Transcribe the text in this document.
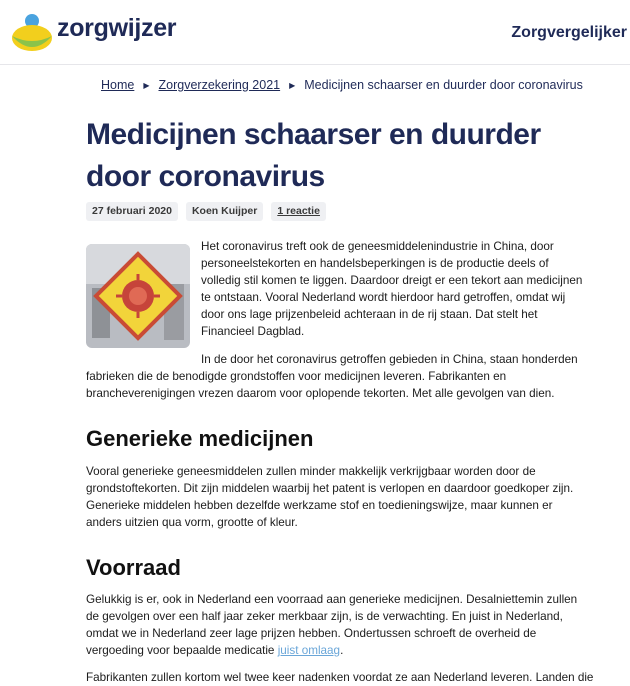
zorgwijzer	Zorgvergelijker
Home ▶ Zorgverzekering 2021 ▶ Medicijnen schaarser en duurder door coronavirus
Medicijnen schaarser en duurder door coronavirus
27 februari 2020	Koen Kuijper	1 reactie

Het coronavirus treft ook de geneesmiddelenindustrie in China, door personeelstekorten en handelsbeperkingen is de productie deels of volledig stil komen te liggen. Daardoor dreigt er een tekort aan medicijnen te ontstaan. Vooral Nederland wordt hierdoor hard getroffen, omdat wij door ons lage prijzenbeleid achteraan in de rij staan. Dat stelt het Financieel Dagblad.

In de door het coronavirus getroffen gebieden in China, staan honderden fabrieken die de benodigde grondstoffen voor medicijnen leveren. Fabrikanten en brancheverenigingen vrezen daarom voor oplopende tekorten. Met alle gevolgen van dien.

Generieke medicijnen

Vooral generieke geneesmiddelen zullen minder makkelijk verkrijgbaar worden door de grondstoftekorten. Dit zijn middelen waarbij het patent is verlopen en daardoor goedkoper zijn. Generieke middelen hebben dezelfde werkzame stof en toedieningswijze, maar kunnen er anders uitzien qua vorm, grootte of kleur.

Voorraad

Gelukkig is er, ook in Nederland een voorraad aan generieke medicijnen. Desalniettemin zullen de gevolgen over een half jaar zeker merkbaar zijn, is de verwachting. En juist in Nederland, omdat we in Nederland zeer lage prijzen hebben. Ondertussen schroeft de overheid de vergoeding voor bepaalde medicatie juist omlaag.

Fabrikanten zullen kortom wel twee keer nadenken voordat ze aan Nederland leveren. Landen die
